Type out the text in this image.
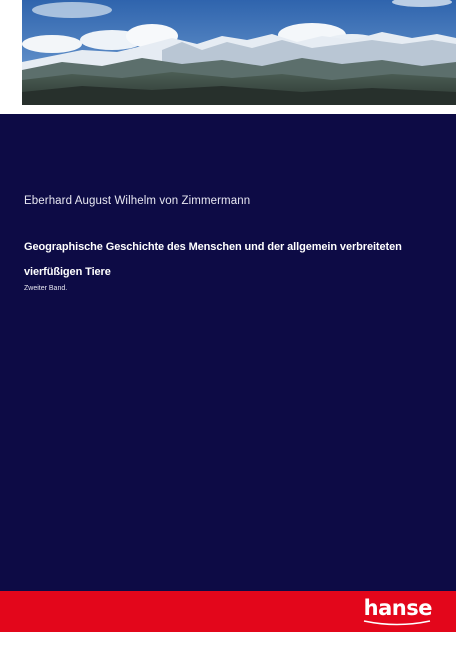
Eberhard August Wilhelm von Zimmermann

Geographische Geschichte des Menschen und der allgemein verbreiteten vierfüßigen Tiere

Zweiter Band.

hanse
